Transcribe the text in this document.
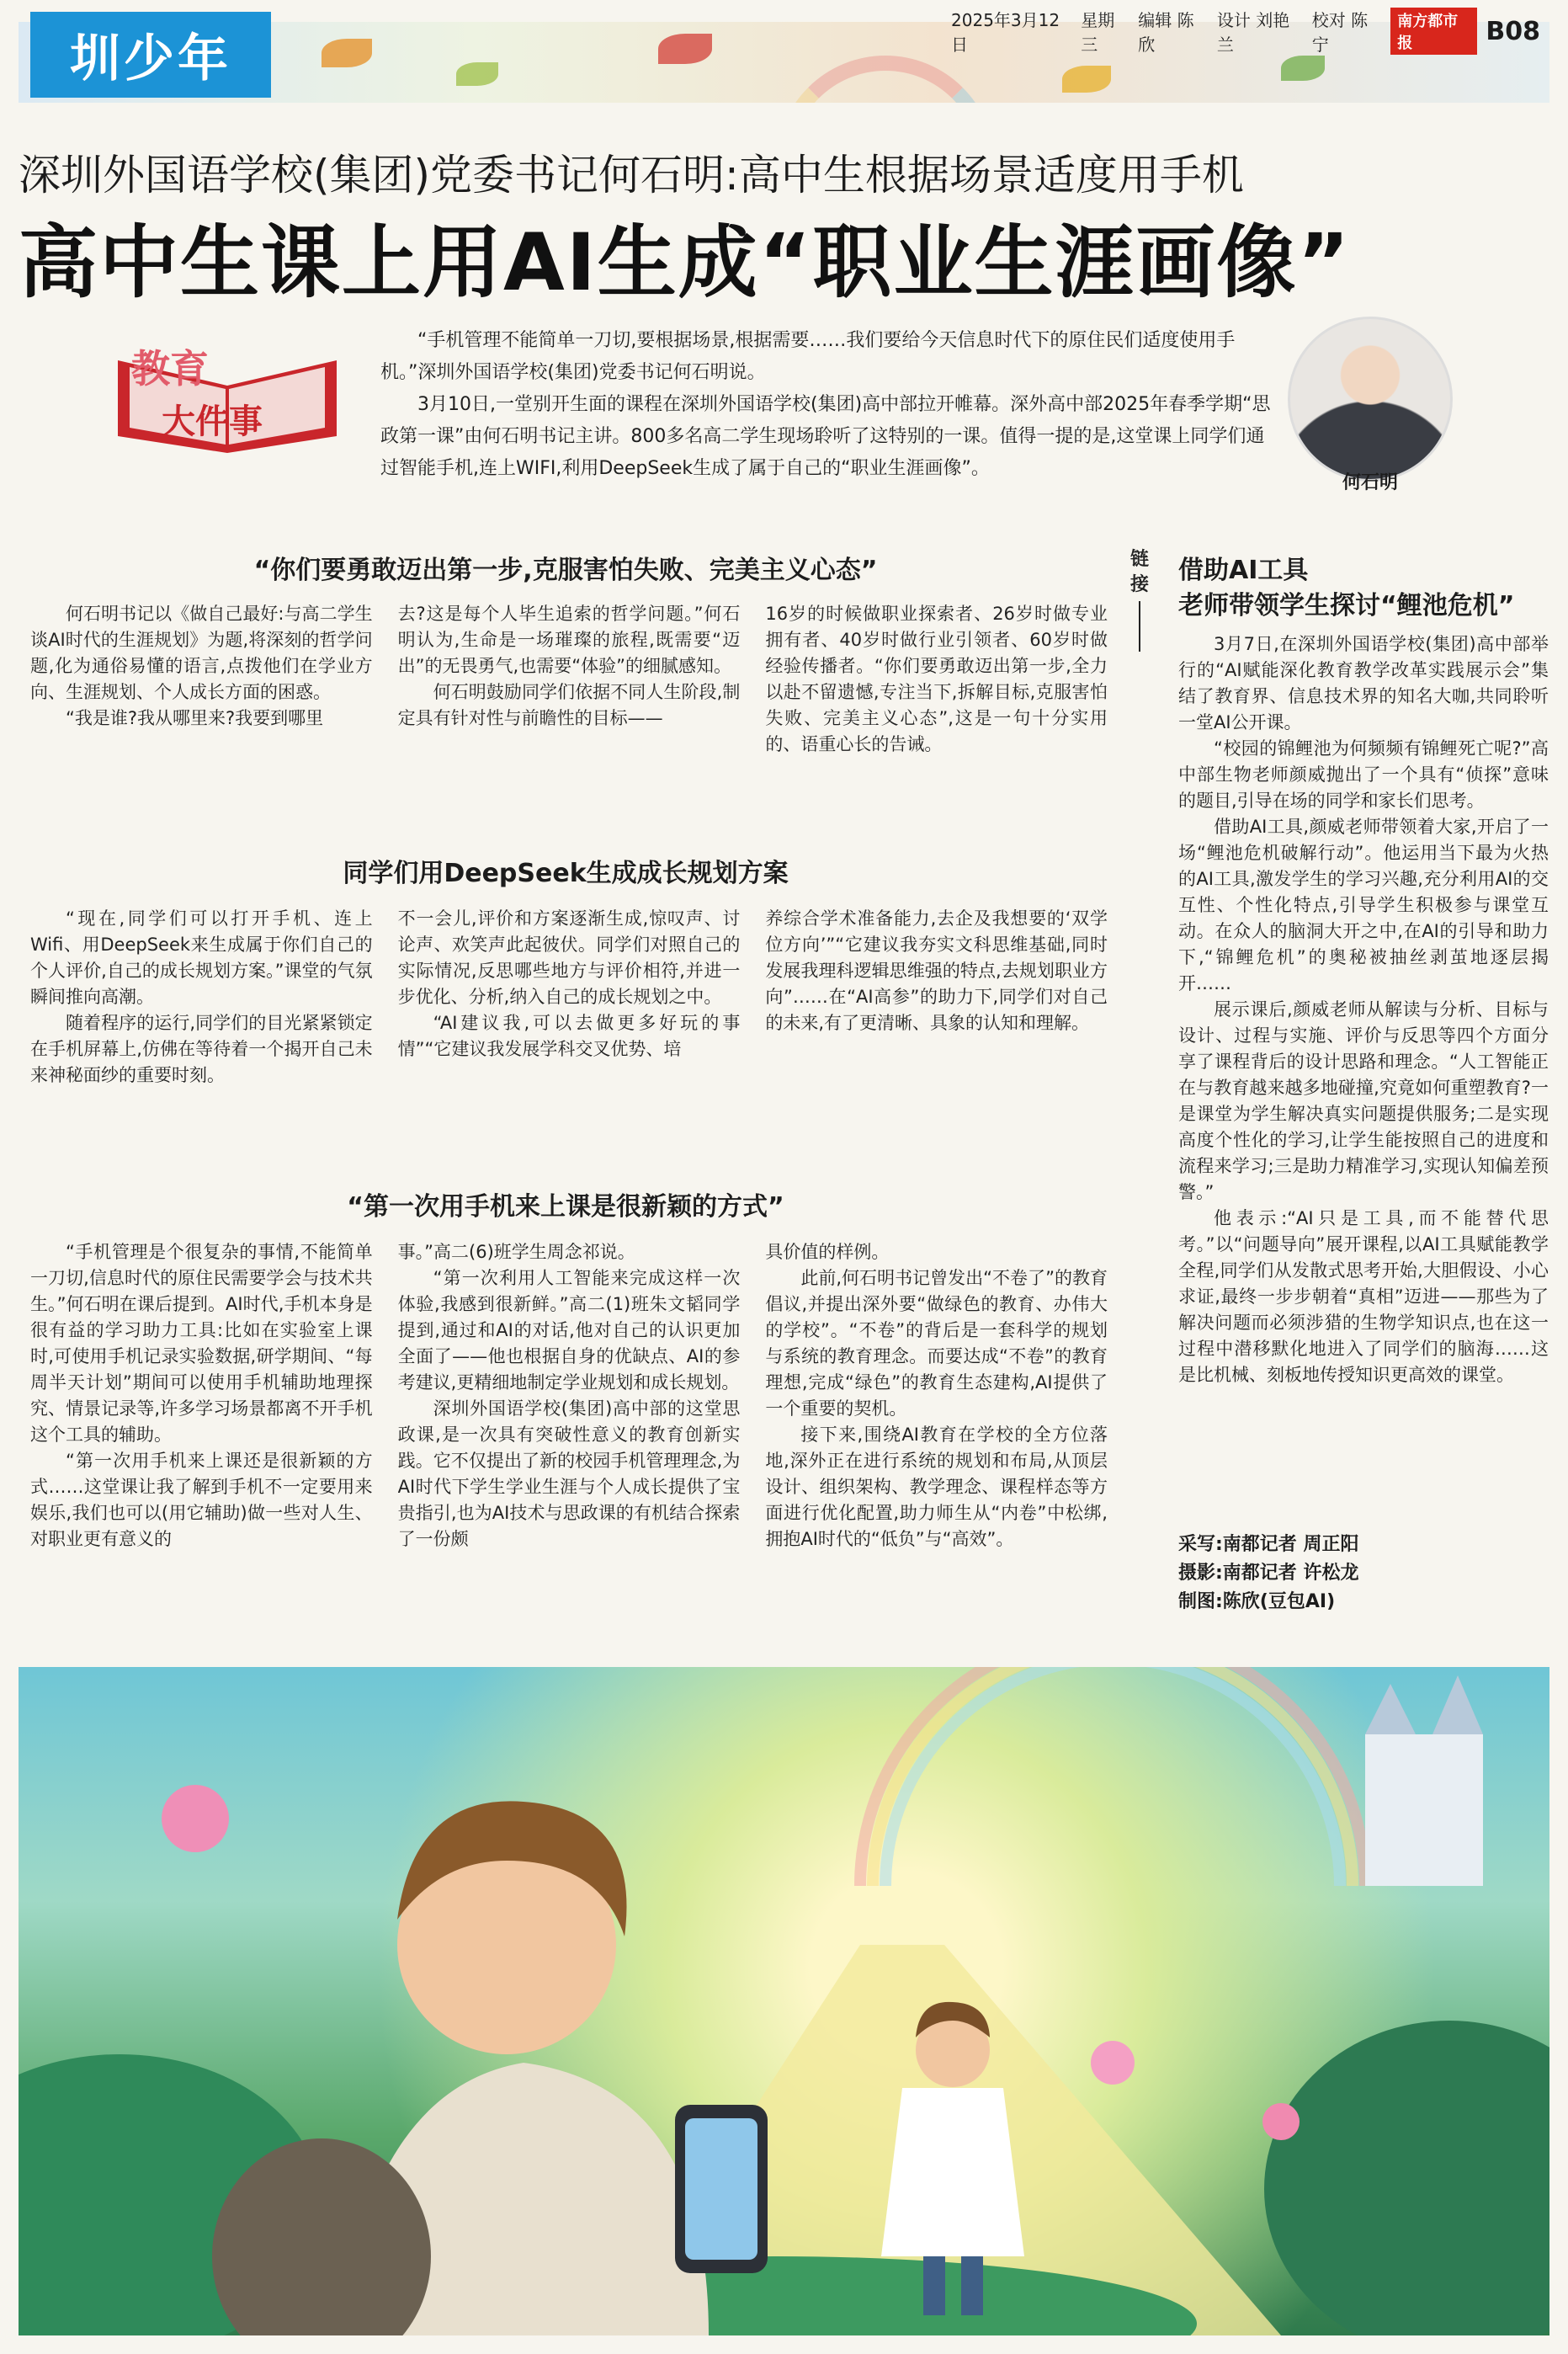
圳少年
2025年3月12日
星期三
编辑 陈欣
设计 刘艳兰
校对 陈宁
南方都市报	B08
深圳外国语学校(集团)党委书记何石明:高中生根据场景适度用手机
高中生课上用AI生成“职业生涯画像”
教育
大件事

“手机管理不能简单一刀切,要根据场景,根据需要……我们要给今天信息时代下的原住民们适度使用手机。”深圳外国语学校(集团)党委书记何石明说。

3月10日,一堂别开生面的课程在深圳外国语学校(集团)高中部拉开帷幕。深外高中部2025年春季学期“思政第一课”由何石明书记主讲。800多名高二学生现场聆听了这特别的一课。值得一提的是,这堂课上同学们通过智能手机,连上WIFI,利用DeepSeek生成了属于自己的“职业生涯画像”。

何石明
“你们要勇敢迈出第一步,克服害怕失败、完美主义心态”

何石明书记以《做自己最好:与高二学生谈AI时代的生涯规划》为题,将深刻的哲学问题,化为通俗易懂的语言,点拨他们在学业方向、生涯规划、个人成长方面的困惑。

“我是谁?我从哪里来?我要到哪里

去?这是每个人毕生追索的哲学问题。”何石明认为,生命是一场璀璨的旅程,既需要“迈出”的无畏勇气,也需要“体验”的细腻感知。

何石明鼓励同学们依据不同人生阶段,制定具有针对性与前瞻性的目标——

16岁的时候做职业探索者、26岁时做专业拥有者、40岁时做行业引领者、60岁时做经验传播者。“你们要勇敢迈出第一步,全力以赴不留遗憾,专注当下,拆解目标,克服害怕失败、完美主义心态”,这是一句十分实用的、语重心长的告诫。

同学们用DeepSeek生成成长规划方案

“现在,同学们可以打开手机、连上Wifi、用DeepSeek来生成属于你们自己的个人评价,自己的成长规划方案。”课堂的气氛瞬间推向高潮。

随着程序的运行,同学们的目光紧紧锁定在手机屏幕上,仿佛在等待着一个揭开自己未来神秘面纱的重要时刻。

不一会儿,评价和方案逐渐生成,惊叹声、讨论声、欢笑声此起彼伏。同学们对照自己的实际情况,反思哪些地方与评价相符,并进一步优化、分析,纳入自己的成长规划之中。

“AI建议我,可以去做更多好玩的事情”“它建议我发展学科交叉优势、培

养综合学术准备能力,去企及我想要的‘双学位方向’”“它建议我夯实文科思维基础,同时发展我理科逻辑思维强的特点,去规划职业方向”……在“AI高参”的助力下,同学们对自己的未来,有了更清晰、具象的认知和理解。

“第一次用手机来上课是很新颖的方式”

“手机管理是个很复杂的事情,不能简单一刀切,信息时代的原住民需要学会与技术共生。”何石明在课后提到。AI时代,手机本身是很有益的学习助力工具:比如在实验室上课时,可使用手机记录实验数据,研学期间、“每周半天计划”期间可以使用手机辅助地理探究、情景记录等,许多学习场景都离不开手机这个工具的辅助。

“第一次用手机来上课还是很新颖的方式……这堂课让我了解到手机不一定要用来娱乐,我们也可以(用它辅助)做一些对人生、对职业更有意义的

事。”高二(6)班学生周念祁说。

“第一次利用人工智能来完成这样一次体验,我感到很新鲜。”高二(1)班朱文韬同学提到,通过和AI的对话,他对自己的认识更加全面了——他也根据自身的优缺点、AI的参考建议,更精细地制定学业规划和成长规划。

深圳外国语学校(集团)高中部的这堂思政课,是一次具有突破性意义的教育创新实践。它不仅提出了新的校园手机管理理念,为AI时代下学生学业生涯与个人成长提供了宝贵指引,也为AI技术与思政课的有机结合探索了一份颇

具价值的样例。

此前,何石明书记曾发出“不卷了”的教育倡议,并提出深外要“做绿色的教育、办伟大的学校”。“不卷”的背后是一套科学的规划与系统的教育理念。而要达成“不卷”的教育理想,完成“绿色”的教育生态建构,AI提供了一个重要的契机。

接下来,围绕AI教育在学校的全方位落地,深外正在进行系统的规划和布局,从顶层设计、组织架构、教学理念、课程样态等方面进行优化配置,助力师生从“内卷”中松绑,拥抱AI时代的“低负”与“高效”。

链接 借助AI工具
老师带领学生探讨“鲤池危机”

3月7日,在深圳外国语学校(集团)高中部举行的“AI赋能深化教育教学改革实践展示会”集结了教育界、信息技术界的知名大咖,共同聆听一堂AI公开课。

“校园的锦鲤池为何频频有锦鲤死亡呢?”高中部生物老师颜威抛出了一个具有“侦探”意味的题目,引导在场的同学和家长们思考。

借助AI工具,颜威老师带领着大家,开启了一场“鲤池危机破解行动”。他运用当下最为火热的AI工具,激发学生的学习兴趣,充分利用AI的交互性、个性化特点,引导学生积极参与课堂互动。在众人的脑洞大开之中,在AI的引导和助力下,“锦鲤危机”的奥秘被抽丝剥茧地逐层揭开……

展示课后,颜威老师从解读与分析、目标与设计、过程与实施、评价与反思等四个方面分享了课程背后的设计思路和理念。“人工智能正在与教育越来越多地碰撞,究竟如何重塑教育?一是课堂为学生解决真实问题提供服务;二是实现高度个性化的学习,让学生能按照自己的进度和流程来学习;三是助力精准学习,实现认知偏差预警。”

他表示:“AI只是工具,而不能替代思考。”以“问题导向”展开课程,以AI工具赋能教学全程,同学们从发散式思考开始,大胆假设、小心求证,最终一步步朝着“真相”迈进——那些为了解决问题而必须涉猎的生物学知识点,也在这一过程中潜移默化地进入了同学们的脑海……这是比机械、刻板地传授知识更高效的课堂。

采写:南都记者 周正阳
摄影:南都记者 许松龙
制图:陈欣(豆包AI)
